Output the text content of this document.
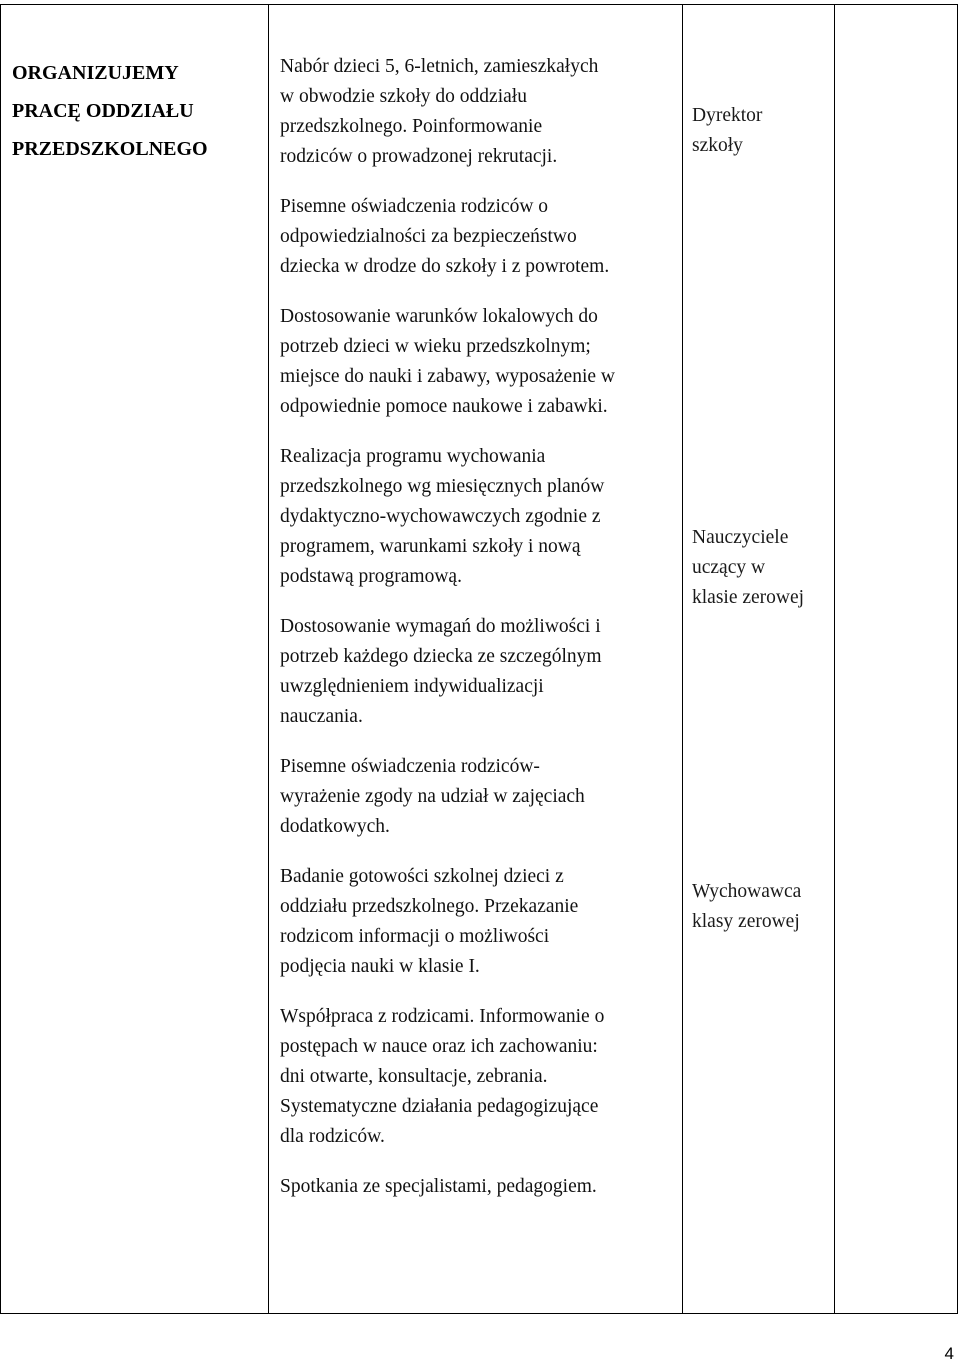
ORGANIZUJEMY
PRACĘ ODDZIAŁU
PRZEDSZKOLNEGO
Nabór dzieci 5, 6-letnich, zamieszkałych
w obwodzie szkoły do oddziału
przedszkolnego. Poinformowanie
rodziców o prowadzonej rekrutacji.
Pisemne oświadczenia rodziców o
odpowiedzialności za bezpieczeństwo
dziecka w drodze do szkoły i z powrotem.
Dostosowanie warunków lokalowych do
potrzeb dzieci w wieku przedszkolnym;
miejsce do nauki i zabawy, wyposażenie w
odpowiednie pomoce naukowe i zabawki.
Realizacja programu wychowania
przedszkolnego wg miesięcznych planów
dydaktyczno-wychowawczych zgodnie z
programem, warunkami szkoły i nową
podstawą programową.
Dostosowanie wymagań do możliwości i
potrzeb każdego dziecka ze szczególnym
uwzględnieniem indywidualizacji
nauczania.
Pisemne oświadczenia rodziców-
wyrażenie zgody na udział w zajęciach
dodatkowych.
Badanie gotowości szkolnej dzieci z
oddziału przedszkolnego. Przekazanie
rodzicom informacji o możliwości
podjęcia nauki w klasie I.
Współpraca z rodzicami. Informowanie o
postępach w nauce oraz ich zachowaniu:
dni otwarte, konsultacje, zebrania.
Systematyczne działania pedagogizujące
dla rodziców.
Spotkania ze specjalistami, pedagogiem.
Dyrektor
szkoły
Nauczyciele
uczący w
klasie zerowej
Wychowawca
klasy zerowej
4
